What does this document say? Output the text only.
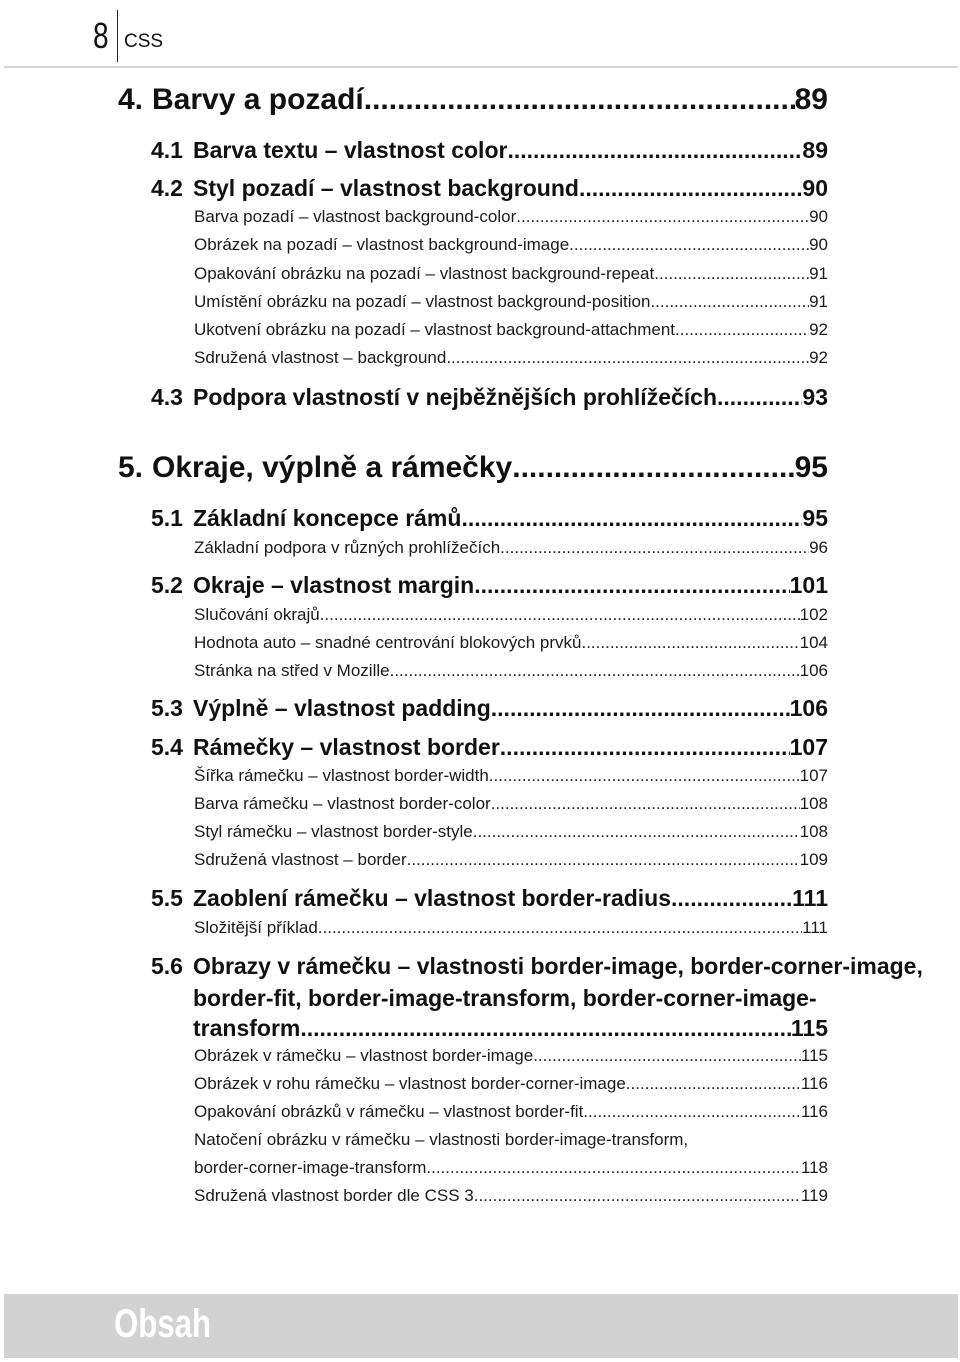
8 CSS
4. Barvy a pozadí .....	89
4.1 Barva textu – vlastnost color .....	89
4.2 Styl pozadí – vlastnost background .....	90
Barva pozadí – vlastnost background-color .....	90
Obrázek na pozadí – vlastnost background-image .....	90
Opakování obrázku na pozadí – vlastnost background-repeat .....	91
Umístění obrázku na pozadí – vlastnost background-position .....	91
Ukotvení obrázku na pozadí – vlastnost background-attachment .....	92
Sdružená vlastnost – background .....	92
4.3 Podpora vlastností v nejběžnějších prohlížečích .....	93
5. Okraje, výplně a rámečky .....	95
5.1 Základní koncepce rámů .....	95
Základní podpora v různých prohlížečích .....	96
5.2 Okraje – vlastnost margin .....	101
Slučování okrajů .....	102
Hodnota auto – snadné centrování blokových prvků .....	104
Stránka na střed v Mozille .....	106
5.3 Výplně – vlastnost padding .....	106
5.4 Rámečky – vlastnost border .....	107
Šířka rámečku – vlastnost border-width .....	107
Barva rámečku – vlastnost border-color .....	108
Styl rámečku – vlastnost border-style .....	108
Sdružená vlastnost – border .....	109
5.5 Zaoblení rámečku – vlastnost border-radius .....	111
Složitější příklad .....	111
5.6 Obrazy v rámečku – vlastnosti border-image, border-corner-image,
border-fit, border-image-transform, border-corner-image-
transform .....	115
Obrázek v rámečku – vlastnost border-image .....	115
Obrázek v rohu rámečku – vlastnost border-corner-image .....	116
Opakování obrázků v rámečku – vlastnost border-fit .....	116
Natočení obrázku v rámečku – vlastnosti border-image-transform,
border-corner-image-transform .....	118
Sdružená vlastnost border dle CSS 3 .....	119
Obsah
